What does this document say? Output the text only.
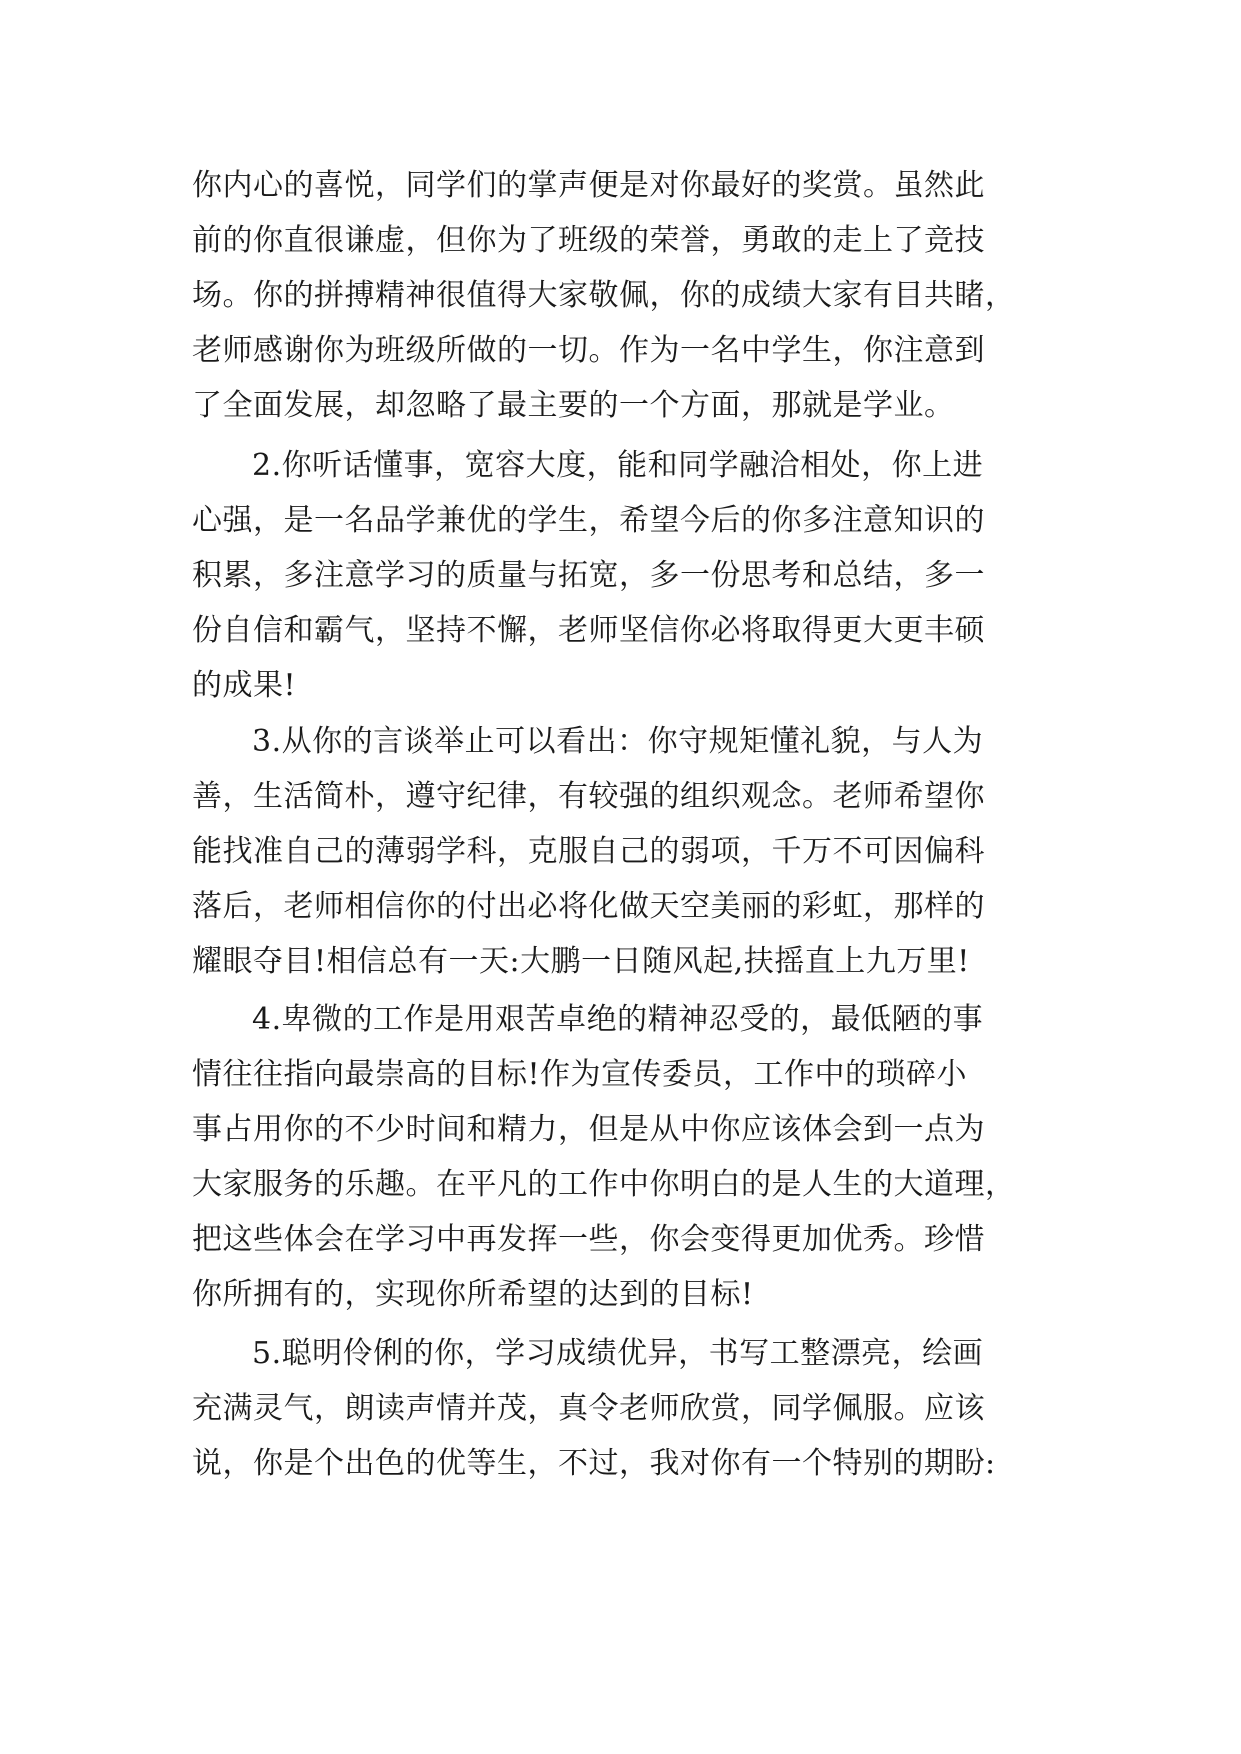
你内心的喜悦，同学们的掌声便是对你最好的奖赏。虽然此
前的你直很谦虚，但你为了班级的荣誉，勇敢的走上了竞技
场。你的拼搏精神很值得大家敬佩，你的成绩大家有目共睹，
老师感谢你为班级所做的一切。作为一名中学生，你注意到
了全面发展，却忽略了最主要的一个方面，那就是学业。
2.你听话懂事，宽容大度，能和同学融洽相处，你上进
心强，是一名品学兼优的学生，希望今后的你多注意知识的
积累，多注意学习的质量与拓宽，多一份思考和总结，多一
份自信和霸气，坚持不懈，老师坚信你必将取得更大更丰硕
的成果!
3.从你的言谈举止可以看出：你守规矩懂礼貌，与人为
善，生活简朴，遵守纪律，有较强的组织观念。老师希望你
能找准自己的薄弱学科，克服自己的弱项，千万不可因偏科
落后，老师相信你的付出必将化做天空美丽的彩虹，那样的
耀眼夺目!相信总有一天:大鹏一日随风起,扶摇直上九万里!
4.卑微的工作是用艰苦卓绝的精神忍受的，最低陋的事
情往往指向最崇高的目标!作为宣传委员，工作中的琐碎小
事占用你的不少时间和精力，但是从中你应该体会到一点为
大家服务的乐趣。在平凡的工作中你明白的是人生的大道理，
把这些体会在学习中再发挥一些，你会变得更加优秀。珍惜
你所拥有的，实现你所希望的达到的目标!
5.聪明伶俐的你，学习成绩优异，书写工整漂亮，绘画
充满灵气，朗读声情并茂，真令老师欣赏，同学佩服。应该
说，你是个出色的优等生，不过，我对你有一个特别的期盼:
